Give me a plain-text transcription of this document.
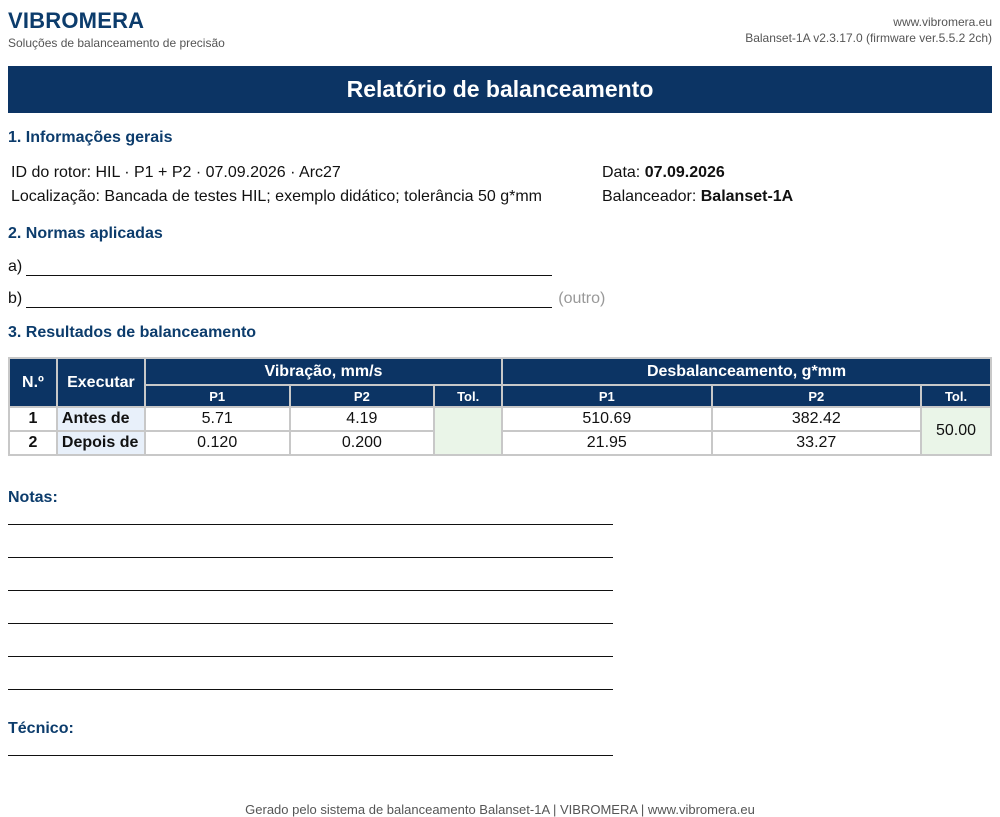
VIBROMERA
Soluções de balanceamento de precisão
www.vibromera.eu
Balanset-1A v2.3.17.0 (firmware ver.5.5.2 2ch)
Relatório de balanceamento
1. Informações gerais
ID do rotor: HIL · P1 + P2 · 07.09.2026 · Arc27
Localização: Bancada de testes HIL; exemplo didático; tolerância 50 g*mm
Data: 07.09.2026
Balanceador: Balanset-1A
2. Normas aplicadas
a)
b)	(outro)
3. Resultados de balanceamento
N.º	Executar	Vibração, mm/s			Desbalanceamento, g*mm		
		P1	P2	Tol.	P1	P2	Tol.
1	Antes de	5.71	4.19		510.69	382.42	50.00
2	Depois de	0.120	0.200		21.95	33.27	
Notas:
Técnico:
Gerado pelo sistema de balanceamento Balanset-1A | VIBROMERA | www.vibromera.eu
